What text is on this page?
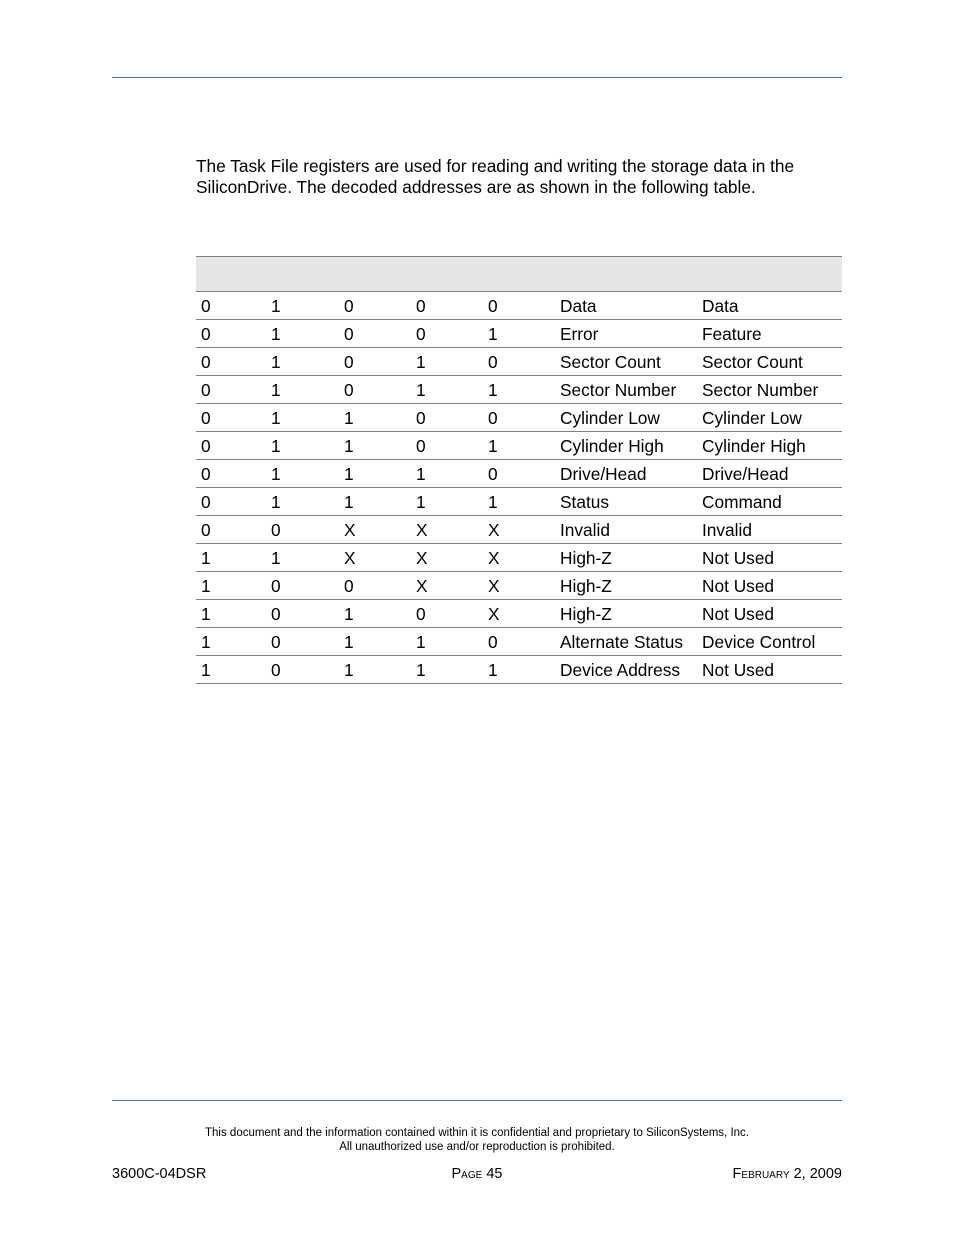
The Task File registers are used for reading and writing the storage data in the SiliconDrive. The decoded addresses are as shown in the following table.

0	1	0	0	0	Data	Data
0	1	0	0	1	Error	Feature
0	1	0	1	0	Sector Count	Sector Count
0	1	0	1	1	Sector Number	Sector Number
0	1	1	0	0	Cylinder Low	Cylinder Low
0	1	1	0	1	Cylinder High	Cylinder High
0	1	1	1	0	Drive/Head	Drive/Head
0	1	1	1	1	Status	Command
0	0	X	X	X	Invalid	Invalid
1	1	X	X	X	High-Z	Not Used
1	0	0	X	X	High-Z	Not Used
1	0	1	0	X	High-Z	Not Used
1	0	1	1	0	Alternate Status	Device Control
1	0	1	1	1	Device Address	Not Used
This document and the information contained within it is confidential and proprietary to SiliconSystems, Inc.
All unauthorized use and/or reproduction is prohibited.
3600C-04DSR	Page 45	February 2, 2009
